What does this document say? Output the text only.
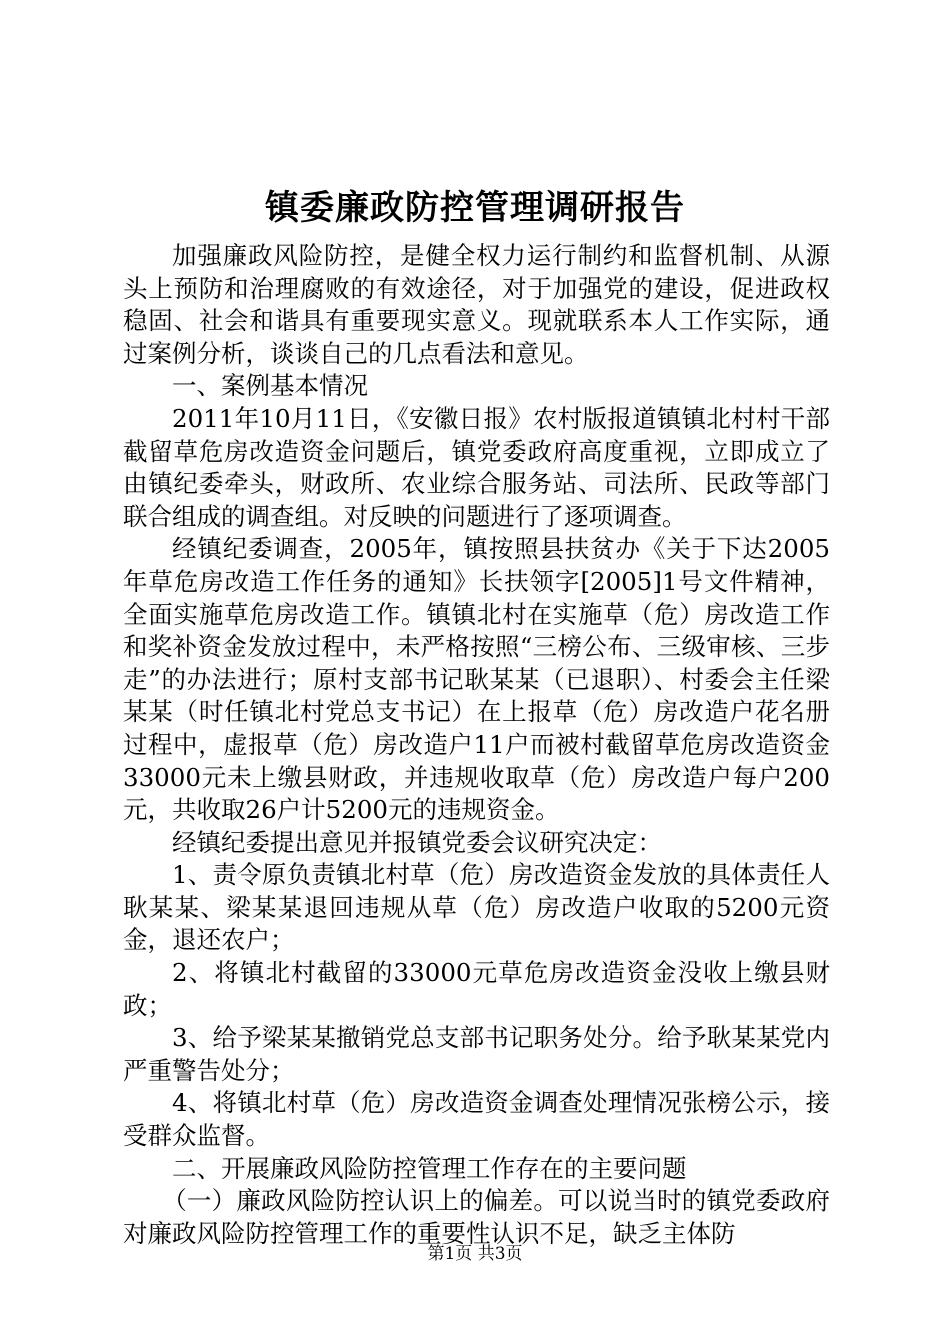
镇委廉政防控管理调研报告

加强廉政风险防控，是健全权力运行制约和监督机制、从源头上预防和治理腐败的有效途径，对于加强党的建设，促进政权稳固、社会和谐具有重要现实意义。现就联系本人工作实际，通过案例分析，谈谈自己的几点看法和意见。

一、案例基本情况

2011年10月11日，《安徽日报》农村版报道镇镇北村村干部截留草危房改造资金问题后，镇党委政府高度重视，立即成立了由镇纪委牵头，财政所、农业综合服务站、司法所、民政等部门联合组成的调查组。对反映的问题进行了逐项调查。

经镇纪委调查，2005年，镇按照县扶贫办《关于下达2005年草危房改造工作任务的通知》长扶领字[2005]1号文件精神，全面实施草危房改造工作。镇镇北村在实施草（危）房改造工作和奖补资金发放过程中，未严格按照“三榜公布、三级审核、三步走”的办法进行；原村支部书记耿某某（已退职）、村委会主任梁某某（时任镇北村党总支书记）在上报草（危）房改造户花名册过程中，虚报草（危）房改造户11户而被村截留草危房改造资金33000元未上缴县财政，并违规收取草（危）房改造户每户200元，共收取26户计5200元的违规资金。

经镇纪委提出意见并报镇党委会议研究决定：

1、责令原负责镇北村草（危）房改造资金发放的具体责任人耿某某、梁某某退回违规从草（危）房改造户收取的5200元资金，退还农户；

2、将镇北村截留的33000元草危房改造资金没收上缴县财政；

3、给予梁某某撤销党总支部书记职务处分。给予耿某某党内严重警告处分；

4、将镇北村草（危）房改造资金调查处理情况张榜公示，接受群众监督。

二、开展廉政风险防控管理工作存在的主要问题

（一）廉政风险防控认识上的偏差。可以说当时的镇党委政府对廉政风险防控管理工作的重要性认识不足，缺乏主体防

第1页 共3页
